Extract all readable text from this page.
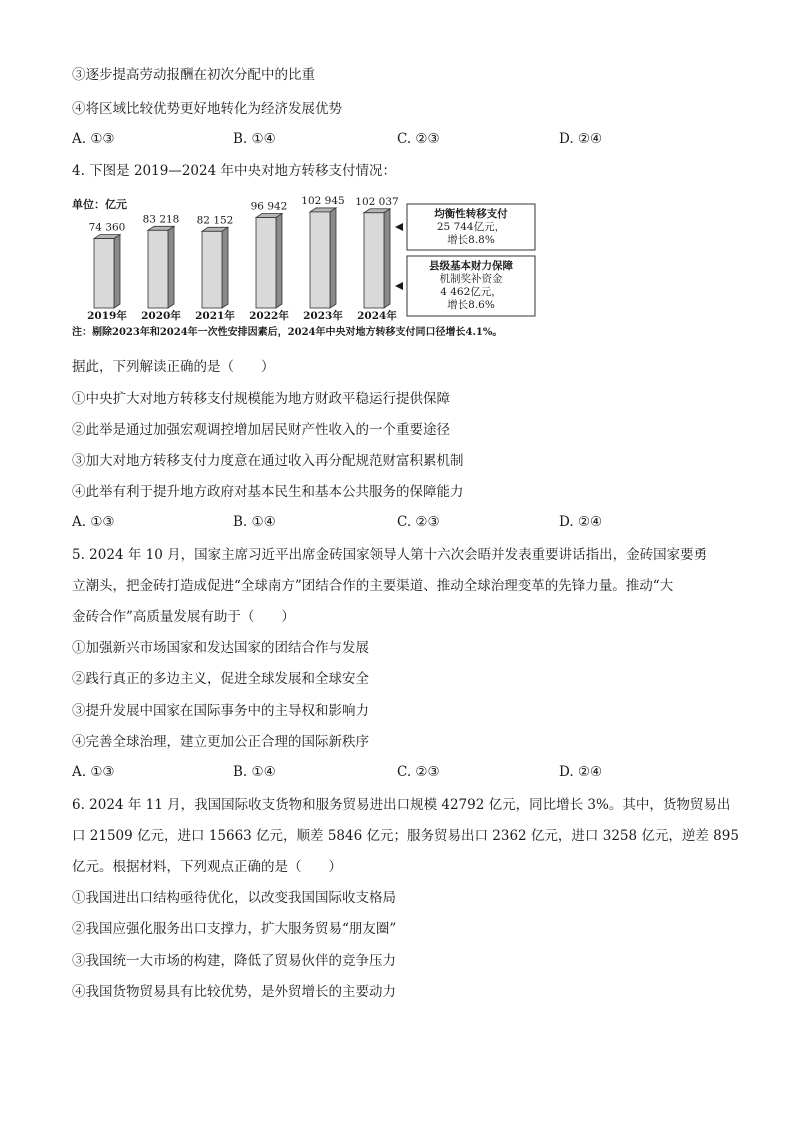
③逐步提高劳动报酬在初次分配中的比重
④将区域比较优势更好地转化为经济发展优势
A. ①③	B. ①④	C. ②③	D. ②④
4. 下图是 2019—2024 年中央对地方转移支付情况：
单位：亿元
74 360
2019年
83 218
2020年
82 152
2021年
96 942
2022年
102 945
2023年
102 037
2024年
均衡性转移支付
25 744亿元，
增长8.8%
县级基本财力保障
机制奖补资金
4 462亿元，
增长8.6%
注：剔除2023年和2024年一次性安排因素后，2024年中央对地方转移支付同口径增长4.1%。
据此，下列解读正确的是（　　）
①中央扩大对地方转移支付规模能为地方财政平稳运行提供保障
②此举是通过加强宏观调控增加居民财产性收入的一个重要途径
③加大对地方转移支付力度意在通过收入再分配规范财富积累机制
④此举有利于提升地方政府对基本民生和基本公共服务的保障能力
A. ①③	B. ①④	C. ②③	D. ②④
5. 2024 年 10 月，国家主席习近平出席金砖国家领导人第十六次会晤并发表重要讲话指出，金砖国家要勇
立潮头，把金砖打造成促进“全球南方”团结合作的主要渠道、推动全球治理变革的先锋力量。推动“大
金砖合作”高质量发展有助于（　　）
①加强新兴市场国家和发达国家的团结合作与发展
②践行真正的多边主义，促进全球发展和全球安全
③提升发展中国家在国际事务中的主导权和影响力
④完善全球治理，建立更加公正合理的国际新秩序
A. ①③	B. ①④	C. ②③	D. ②④
6. 2024 年 11 月，我国国际收支货物和服务贸易进出口规模 42792 亿元，同比增长 3%。其中，货物贸易出
口 21509 亿元，进口 15663 亿元，顺差 5846 亿元；服务贸易出口 2362 亿元，进口 3258 亿元，逆差 895
亿元。根据材料，下列观点正确的是（　　）
①我国进出口结构亟待优化，以改变我国国际收支格局
②我国应强化服务出口支撑力，扩大服务贸易“朋友圈”
③我国统一大市场的构建，降低了贸易伙伴的竞争压力
④我国货物贸易具有比较优势，是外贸增长的主要动力
